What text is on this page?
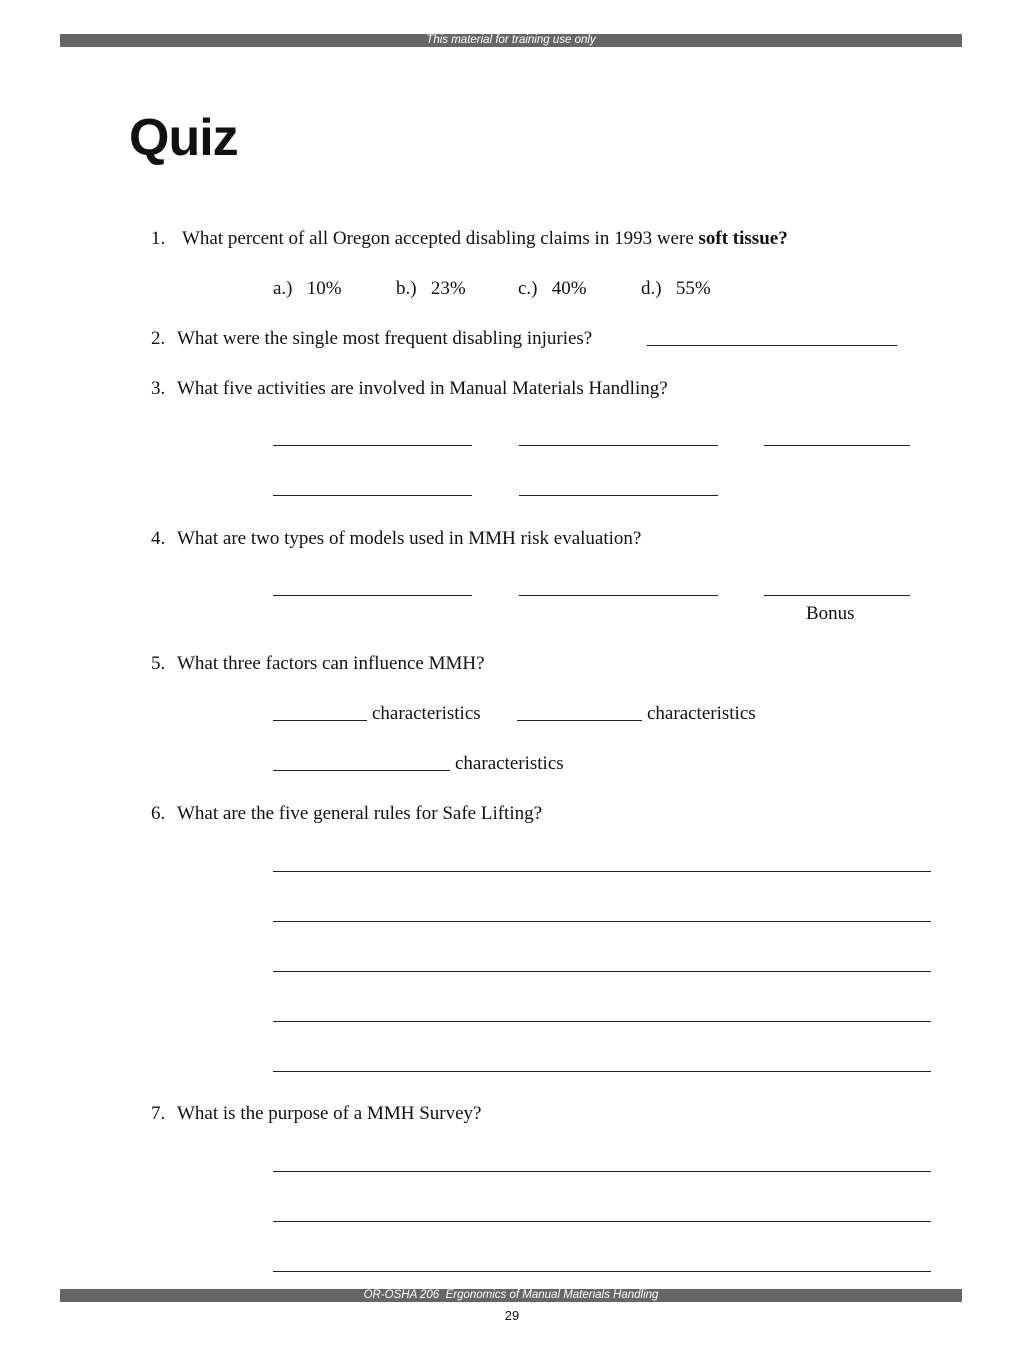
This material for training use only
Quiz
1. What percent of all Oregon accepted disabling claims in 1993 were soft tissue?
a.) 10%	b.) 23%	c.) 40%	d.) 55%
2. What were the single most frequent disabling injuries?
3. What five activities are involved in Manual Materials Handling?
4. What are two types of models used in MMH risk evaluation?
Bonus
5. What three factors can influence MMH?
characteristics	characteristics
characteristics
6. What are the five general rules for Safe Lifting?
7. What is the purpose of a MMH Survey?
OR-OSHA 206  Ergonomics of Manual Materials Handling
29
